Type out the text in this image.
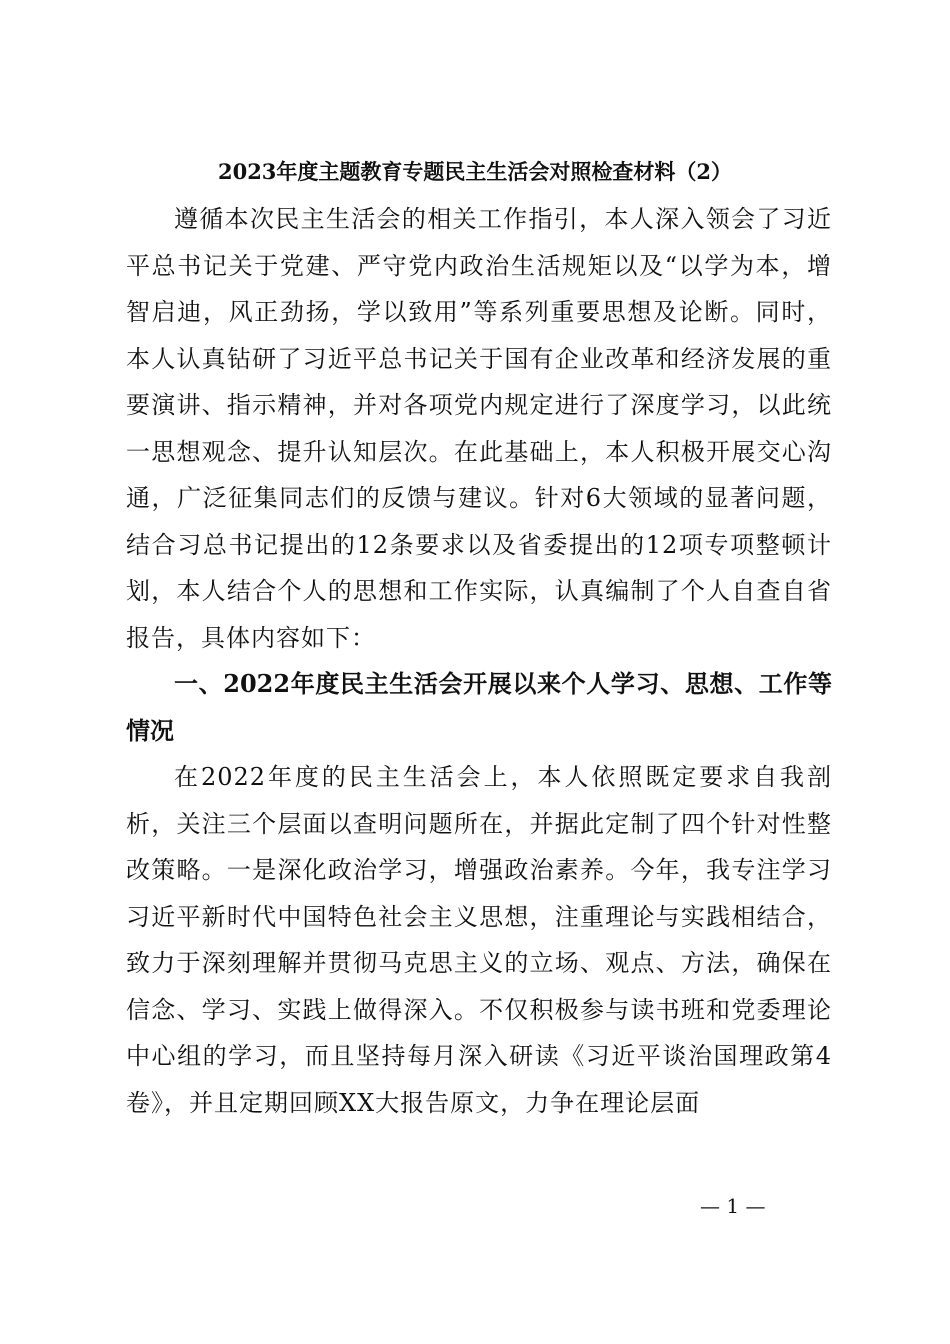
2023年度主题教育专题民主生活会对照检查材料（2）

遵循本次民主生活会的相关工作指引，本人深入领会了习近平总书记关于党建、严守党内政治生活规矩以及“以学为本，增智启迪，风正劲扬，学以致用”等系列重要思想及论断。同时，本人认真钻研了习近平总书记关于国有企业改革和经济发展的重要演讲、指示精神，并对各项党内规定进行了深度学习，以此统一思想观念、提升认知层次。在此基础上，本人积极开展交心沟通，广泛征集同志们的反馈与建议。针对6大领域的显著问题，结合习总书记提出的12条要求以及省委提出的12项专项整顿计划，本人结合个人的思想和工作实际，认真编制了个人自查自省报告，具体内容如下：

一、2022年度民主生活会开展以来个人学习、思想、工作等情况

在2022年度的民主生活会上，本人依照既定要求自我剖析，关注三个层面以查明问题所在，并据此定制了四个针对性整改策略。一是深化政治学习，增强政治素养。今年，我专注学习习近平新时代中国特色社会主义思想，注重理论与实践相结合，致力于深刻理解并贯彻马克思主义的立场、观点、方法，确保在信念、学习、实践上做得深入。不仅积极参与读书班和党委理论中心组的学习，而且坚持每月深入研读《习近平谈治国理政第4卷》，并且定期回顾XX大报告原文，力争在理论层面

— 1 —
